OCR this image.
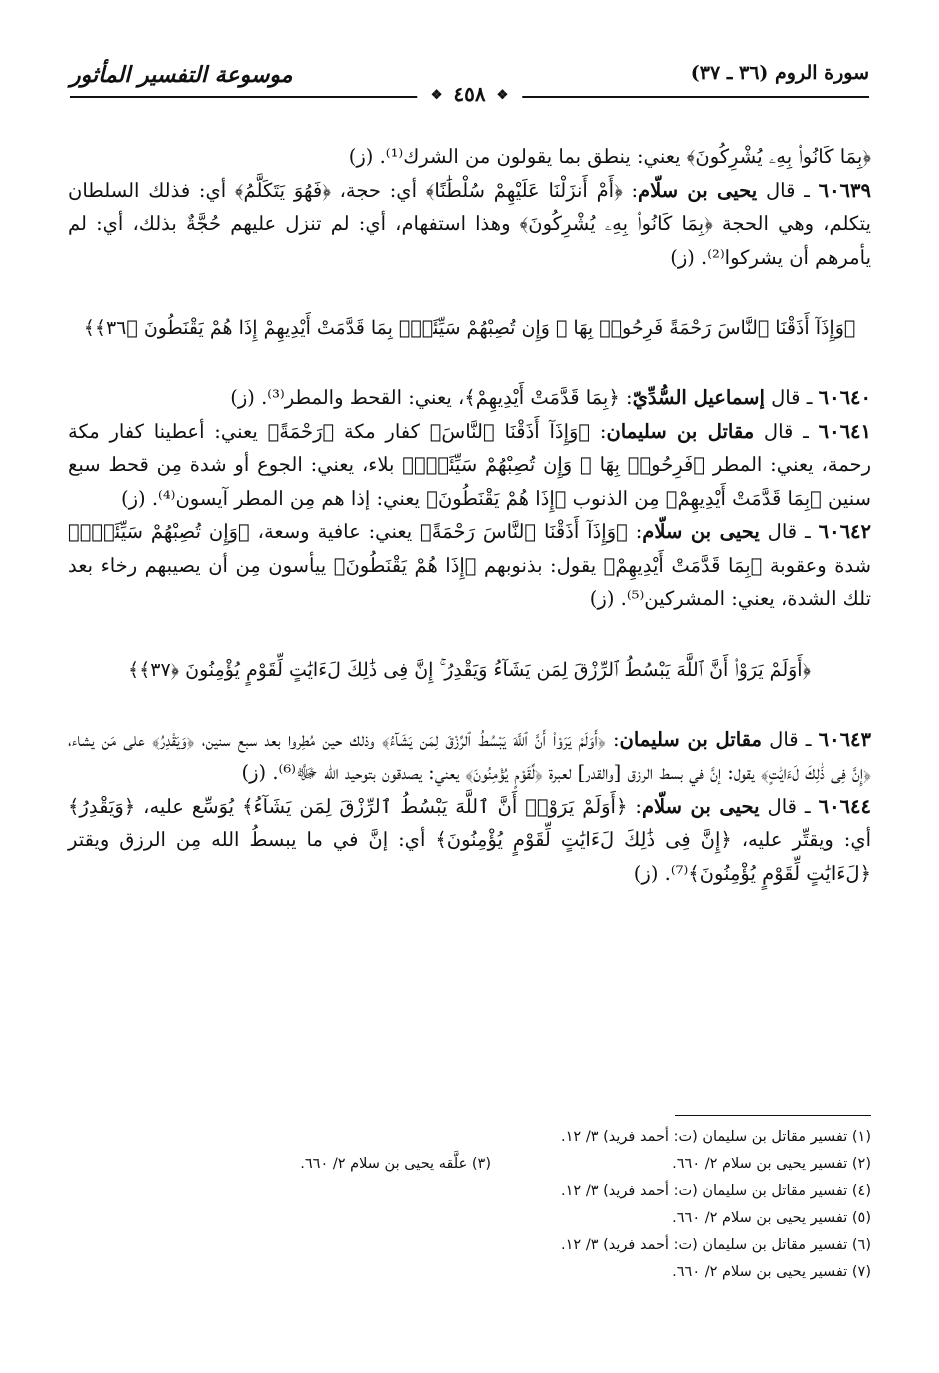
سورة الروم (٣٦ ـ ٣٧)
موسوعة التفسير المأثور
❖ ٤٥٨ ❖

﴿بِمَا كَانُوا۟ بِهِۦ يُشْرِكُونَ﴾ يعني: ينطق بما يقولون من الشرك⁽¹⁾. (ز)

٦٠٦٣٩ ـ قال يحيى بن سلّام: ﴿أَمْ أَنزَلْنَا عَلَيْهِمْ سُلْطَٰنًا﴾ أي: حجة، ﴿فَهُوَ يَتَكَلَّمُ﴾ أي: فذلك السلطان يتكلم، وهي الحجة ﴿بِمَا كَانُوا۟ بِهِۦ يُشْرِكُونَ﴾ وهذا استفهام، أي: لم تنزل عليهم حُجَّةٌ بذلك، أي: لم يأمرهم أن يشركوا⁽²⁾. (ز)

﴿وَإِذَآ أَذَقْنَا ٱلنَّاسَ رَحْمَةً فَرِحُوا۟ بِهَا ۖ وَإِن تُصِبْهُمْ سَيِّئَةٌۢ بِمَا قَدَّمَتْ أَيْدِيهِمْ إِذَا هُمْ يَقْنَطُونَ ﴿٣٦﴾﴾

٦٠٦٤٠ ـ قال إسماعيل السُّدِّيّ: ﴿بِمَا قَدَّمَتْ أَيْدِيهِمْ﴾، يعني: القحط والمطر⁽³⁾. (ز)

٦٠٦٤١ ـ قال مقاتل بن سليمان: ﴿وَإِذَآ أَذَقْنَا ٱلنَّاسَ﴾ كفار مكة ﴿رَحْمَةً﴾ يعني: أعطينا كفار مكة رحمة، يعني: المطر ﴿فَرِحُوا۟ بِهَا ۖ وَإِن تُصِبْهُمْ سَيِّئَةٌۢ﴾ بلاء، يعني: الجوع أو شدة مِن قحط سبع سنين ﴿بِمَا قَدَّمَتْ أَيْدِيهِمْ﴾ مِن الذنوب ﴿إِذَا هُمْ يَقْنَطُونَ﴾ يعني: إذا هم مِن المطر آيسون⁽⁴⁾. (ز)

٦٠٦٤٢ ـ قال يحيى بن سلّام: ﴿وَإِذَآ أَذَقْنَا ٱلنَّاسَ رَحْمَةً﴾ يعني: عافية وسعة، ﴿وَإِن تُصِبْهُمْ سَيِّئَةٌۢ﴾ شدة وعقوبة ﴿بِمَا قَدَّمَتْ أَيْدِيهِمْ﴾ يقول: بذنوبهم ﴿إِذَا هُمْ يَقْنَطُونَ﴾ ييأسون مِن أن يصيبهم رخاء بعد تلك الشدة، يعني: المشركين⁽⁵⁾. (ز)

﴿أَوَلَمْ يَرَوْا۟ أَنَّ ٱللَّهَ يَبْسُطُ ٱلرِّزْقَ لِمَن يَشَآءُ وَيَقْدِرُ ۚ إِنَّ فِى ذَٰلِكَ لَءَايَٰتٍ لِّقَوْمٍ يُؤْمِنُونَ ﴿٣٧﴾﴾

٦٠٦٤٣ ـ قال مقاتل بن سليمان: ﴿أَوَلَمْ يَرَوْا۟ أَنَّ ٱللَّهَ يَبْسُطُ ٱلرِّزْقَ لِمَن يَشَآءُ﴾ وذلك حين مُطِروا بعد سبع سنين، ﴿وَيَقْدِرُ﴾ على مَن يشاء، ﴿إِنَّ فِى ذَٰلِكَ لَءَايَٰتٍ﴾ يقول: إنَّ في بسط الرزق [والقدر] لعبرة ﴿لِّقَوْمٍ يُؤْمِنُونَ﴾ يعني: يصدقون بتوحيد الله ﷻ⁽⁶⁾. (ز)

٦٠٦٤٤ ـ قال يحيى بن سلّام: ﴿أَوَلَمْ يَرَوْا۟ أَنَّ ٱللَّهَ يَبْسُطُ ٱلرِّزْقَ لِمَن يَشَآءُ﴾ يُوَسِّع عليه، ﴿وَيَقْدِرُ﴾ أي: ويقتِّر عليه، ﴿إِنَّ فِى ذَٰلِكَ لَءَايَٰتٍ لِّقَوْمٍ يُؤْمِنُونَ﴾ أي: إنَّ في ما يبسطُ الله مِن الرزق ويقتر ﴿لَءَايَٰتٍ لِّقَوْمٍ يُؤْمِنُونَ﴾⁽⁷⁾. (ز)

(١) تفسير مقاتل بن سليمان (ت: أحمد فريد) ٣/ ١٢.
(٢) تفسير يحيى بن سلام ٢/ ٦٦٠.
(٣) علَّقه يحيى بن سلام ٢/ ٦٦٠.
(٤) تفسير مقاتل بن سليمان (ت: أحمد فريد) ٣/ ١٢.
(٥) تفسير يحيى بن سلام ٢/ ٦٦٠.
(٦) تفسير مقاتل بن سليمان (ت: أحمد فريد) ٣/ ١٢.
(٧) تفسير يحيى بن سلام ٢/ ٦٦٠.
